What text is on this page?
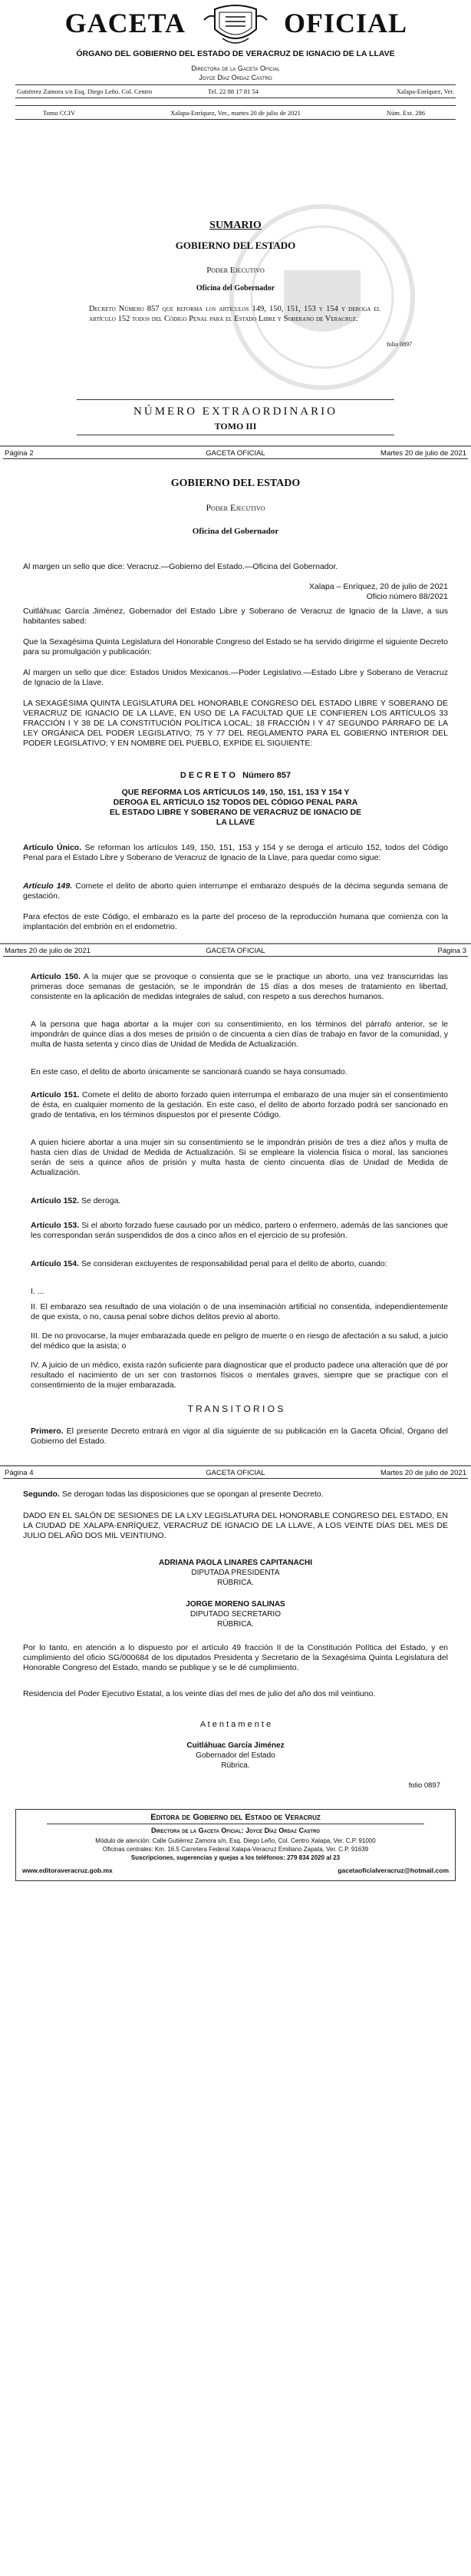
GACETA	OFICIAL
ÓRGANO DEL GOBIERNO DEL ESTADO DE VERACRUZ DE IGNACIO DE LA LLAVE
Directora de la Gaceta Oficial
Joyce Díaz Ordaz Castro
Gutiérrez Zamora s/n Esq. Diego Leño. Col. Centro	Tel. 22 88 17 81 54	Xalapa-Enríquez, Ver.
Tomo CCIV	Xalapa-Enríquez, Ver., martes 20 de julio de 2021	Núm. Ext. 286
SUMARIO
GOBIERNO DEL ESTADO
Poder Ejecutivo
Oficina del Gobernador
Decreto Número 857 que reforma los artículos 149, 150, 151, 153 y 154 y deroga el artículo 152 todos del Código Penal para el Estado Libre y Soberano de Veracruz.
folio 0897
NÚMERO EXTRAORDINARIO
TOMO III
Página 2	GACETA OFICIAL	Martes 20 de julio de 2021
GOBIERNO DEL ESTADO
Poder Ejecutivo
Oficina del Gobernador
Al margen un sello que dice: Veracruz.—Gobierno del Estado.—Oficina del Gobernador.
Xalapa – Enríquez, 20 de julio de 2021
Oficio número 88/2021
Cuitláhuac García Jiménez, Gobernador del Estado Libre y Soberano de Veracruz de Ignacio de la Llave, a sus habitantes sabed:
Que la Sexagésima Quinta Legislatura del Honorable Congreso del Estado se ha servido dirigirme el siguiente Decreto para su promulgación y publicación:
Al margen un sello que dice: Estados Unidos Mexicanos.—Poder Legislativo.—Estado Libre y Soberano de Veracruz de Ignacio de la Llave.
LA SEXAGÉSIMA QUINTA LEGISLATURA DEL HONORABLE CONGRESO DEL ESTADO LIBRE Y SOBERANO DE VERACRUZ DE IGNACIO DE LA LLAVE, EN USO DE LA FACULTAD QUE LE CONFIEREN LOS ARTÍCULOS 33 FRACCIÓN I Y 38 DE LA CONSTITUCIÓN POLÍTICA LOCAL; 18 FRACCIÓN I Y 47 SEGUNDO PÁRRAFO DE LA LEY ORGÁNICA DEL PODER LEGISLATIVO; 75 Y 77 DEL REGLAMENTO PARA EL GOBIERNO INTERIOR DEL PODER LEGISLATIVO; Y EN NOMBRE DEL PUEBLO, EXPIDE EL SIGUIENTE:
D E C R E T O Número 857
QUE REFORMA LOS ARTÍCULOS 149, 150, 151, 153 Y 154 Y DEROGA EL ARTÍCULO 152 TODOS DEL CÓDIGO PENAL PARA EL ESTADO LIBRE Y SOBERANO DE VERACRUZ DE IGNACIO DE LA LLAVE
Artículo Único. Se reforman los artículos 149, 150, 151, 153 y 154 y se deroga el artículo 152, todos del Código Penal para el Estado Libre y Soberano de Veracruz de Ignacio de la Llave, para quedar como sigue:
Artículo 149. Comete el delito de aborto quien interrumpe el embarazo después de la décima segunda semana de gestación.
Para efectos de este Código, el embarazo es la parte del proceso de la reproducción humana que comienza con la implantación del embrión en el endometrio.
Martes 20 de julio de 2021	GACETA OFICIAL	Página 3
Artículo 150. A la mujer que se provoque o consienta que se le practique un aborto, una vez transcurridas las primeras doce semanas de gestación, se le impondrán de 15 días a dos meses de tratamiento en libertad, consistente en la aplicación de medidas integrales de salud, con respeto a sus derechos humanos.
A la persona que haga abortar a la mujer con su consentimiento, en los términos del párrafo anterior, se le impondrán de quince días a dos meses de prisión o de cincuenta a cien días de trabajo en favor de la comunidad, y multa de hasta setenta y cinco días de Unidad de Medida de Actualización.
En este caso, el delito de aborto únicamente se sancionará cuando se haya consumado.
Artículo 151. Comete el delito de aborto forzado quien interrumpa el embarazo de una mujer sin el consentimiento de ésta, en cualquier momento de la gestación. En este caso, el delito de aborto forzado podrá ser sancionado en grado de tentativa, en los términos dispuestos por el presente Código.
A quien hiciere abortar a una mujer sin su consentimiento se le impondrán prisión de tres a diez años y multa de hasta cien días de Unidad de Medida de Actualización. Si se empleare la violencia física o moral, las sanciones serán de seis a quince años de prisión y multa hasta de ciento cincuenta días de Unidad de Medida de Actualización.
Artículo 152. Se deroga.
Artículo 153. Si el aborto forzado fuese causado por un médico, partero o enfermero, además de las sanciones que les correspondan serán suspendidos de dos a cinco años en el ejercicio de su profesión.
Artículo 154. Se consideran excluyentes de responsabilidad penal para el delito de aborto, cuando:
I. ...
II. El embarazo sea resultado de una violación o de una inseminación artificial no consentida, independientemente de que exista, o no, causa penal sobre dichos delitos previo al aborto.
III. De no provocarse, la mujer embarazada quede en peligro de muerte o en riesgo de afectación a su salud, a juicio del médico que la asista; o
IV. A juicio de un médico, exista razón suficiente para diagnosticar que el producto padece una alteración que dé por resultado el nacimiento de un ser con trastornos físicos o mentales graves, siempre que se practique con el consentimiento de la mujer embarazada.
T R A N S I T O R I O S
Primero. El presente Decreto entrará en vigor al día siguiente de su publicación en la Gaceta Oficial, Órgano del Gobierno del Estado.
Página 4	GACETA OFICIAL	Martes 20 de julio de 2021
Segundo. Se derogan todas las disposiciones que se opongan al presente Decreto.
DADO EN EL SALÓN DE SESIONES DE LA LXV LEGISLATURA DEL HONORABLE CONGRESO DEL ESTADO, EN LA CIUDAD DE XALAPA-ENRÍQUEZ, VERACRUZ DE IGNACIO DE LA LLAVE, A LOS VEINTE DÍAS DEL MES DE JULIO DEL AÑO DOS MIL VEINTIUNO.
ADRIANA PAOLA LINARES CAPITANACHI
DIPUTADA PRESIDENTA
RÚBRICA.
JORGE MORENO SALINAS
DIPUTADO SECRETARIO
RÚBRICA.
Por lo tanto, en atención a lo dispuesto por el artículo 49 fracción II de la Constitución Política del Estado, y en cumplimiento del oficio SG/000684 de los diputados Presidenta y Secretario de la Sexagésima Quinta Legislatura del Honorable Congreso del Estado, mando se publique y se le dé cumplimiento.
Residencia del Poder Ejecutivo Estatal, a los veinte días del mes de julio del año dos mil veintiuno.
A t e n t a m e n t e
Cuitláhuac García Jiménez
Gobernador del Estado
Rúbrica.
folio 0897
Editora de Gobierno del Estado de Veracruz
Directora de la Gaceta Oficial: Joyce Díaz Ordaz Castro
Módulo de atención: Calle Gutiérrez Zamora s/n, Esq. Diego Leño, Col. Centro Xalapa, Ver. C.P. 91000
Oficinas centrales: Km. 16.5 Carretera Federal Xalapa-Veracruz Emiliano Zapata, Ver. C.P. 91639
Suscripciones, sugerencias y quejas a los teléfonos: 279 834 2020 al 23
www.editoraveracruz.gob.mx	gacetaoficialveracruz@hotmail.com
